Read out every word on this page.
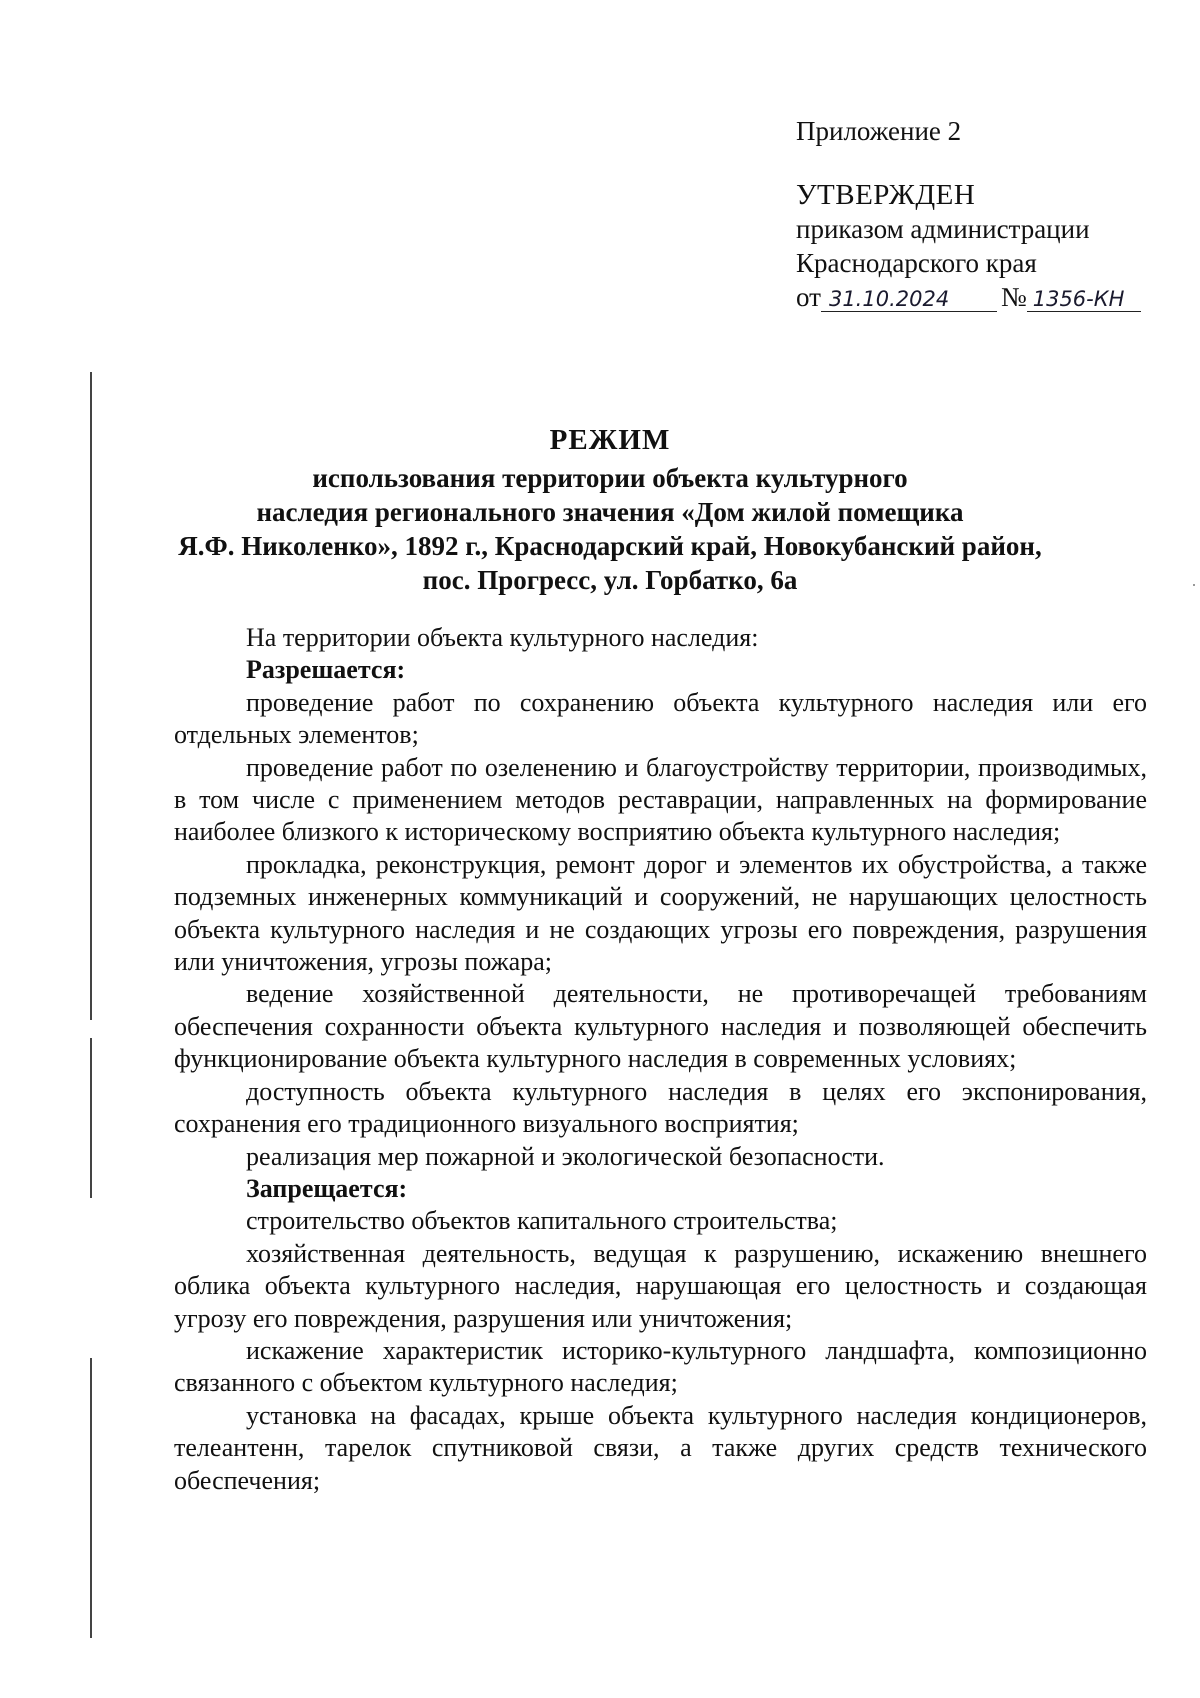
Приложение 2
УТВЕРЖДЕН
приказом администрации
Краснодарского края
от 31.10.2024 № 1356-КН
РЕЖИМ
использования территории объекта культурного
наследия регионального значения «Дом жилой помещика
Я.Ф. Николенко», 1892 г., Краснодарский край, Новокубанский район,
пос. Прогресс, ул. Горбатко, 6а

На территории объекта культурного наследия:

Разрешается:

проведение работ по сохранению объекта культурного наследия или его отдельных элементов;

проведение работ по озеленению и благоустройству территории, производимых, в том числе с применением методов реставрации, направленных на формирование наиболее близкого к историческому восприятию объекта культурного наследия;

прокладка, реконструкция, ремонт дорог и элементов их обустройства, а также подземных инженерных коммуникаций и сооружений, не нарушающих целостность объекта культурного наследия и не создающих угрозы его повреждения, разрушения или уничтожения, угрозы пожара;

ведение хозяйственной деятельности, не противоречащей требованиям обеспечения сохранности объекта культурного наследия и позволяющей обеспечить функционирование объекта культурного наследия в современных условиях;

доступность объекта культурного наследия в целях его экспонирования, сохранения его традиционного визуального восприятия;

реализация мер пожарной и экологической безопасности.

Запрещается:

строительство объектов капитального строительства;

хозяйственная деятельность, ведущая к разрушению, искажению внешнего облика объекта культурного наследия, нарушающая его целостность и создающая угрозу его повреждения, разрушения или уничтожения;

искажение характеристик историко-культурного ландшафта, композиционно связанного с объектом культурного наследия;

установка на фасадах, крыше объекта культурного наследия кондиционеров, телеантенн, тарелок спутниковой связи, а также других средств технического обеспечения;
